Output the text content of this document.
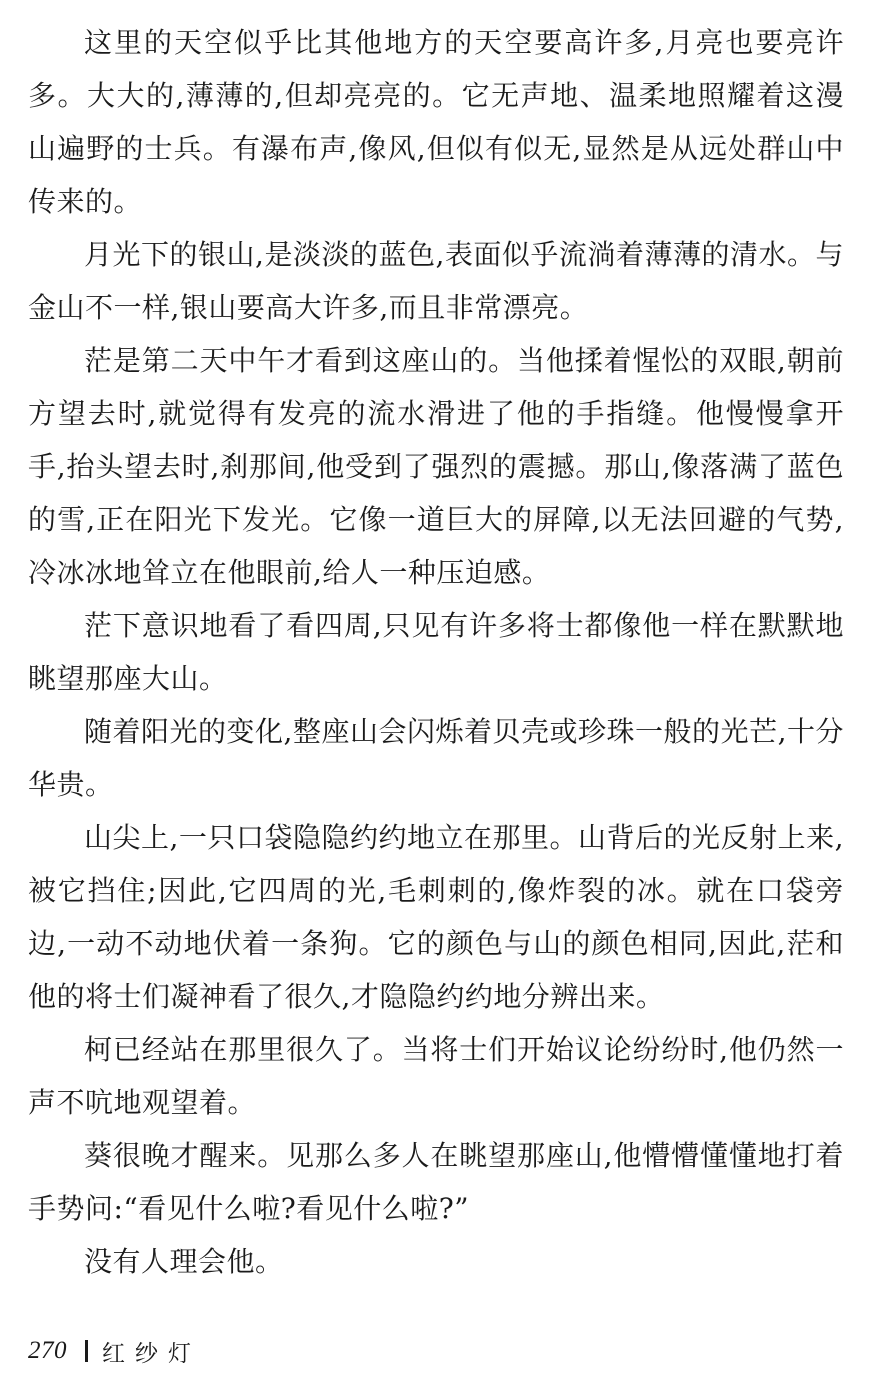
这里的天空似乎比其他地方的天空要高许多,月亮也要亮许多。大大的,薄薄的,但却亮亮的。它无声地、温柔地照耀着这漫山遍野的士兵。有瀑布声,像风,但似有似无,显然是从远处群山中传来的。

月光下的银山,是淡淡的蓝色,表面似乎流淌着薄薄的清水。与金山不一样,银山要高大许多,而且非常漂亮。

茫是第二天中午才看到这座山的。当他揉着惺忪的双眼,朝前方望去时,就觉得有发亮的流水滑进了他的手指缝。他慢慢拿开手,抬头望去时,刹那间,他受到了强烈的震撼。那山,像落满了蓝色的雪,正在阳光下发光。它像一道巨大的屏障,以无法回避的气势,冷冰冰地耸立在他眼前,给人一种压迫感。

茫下意识地看了看四周,只见有许多将士都像他一样在默默地眺望那座大山。

随着阳光的变化,整座山会闪烁着贝壳或珍珠一般的光芒,十分华贵。

山尖上,一只口袋隐隐约约地立在那里。山背后的光反射上来,被它挡住;因此,它四周的光,毛刺刺的,像炸裂的冰。就在口袋旁边,一动不动地伏着一条狗。它的颜色与山的颜色相同,因此,茫和他的将士们凝神看了很久,才隐隐约约地分辨出来。

柯已经站在那里很久了。当将士们开始议论纷纷时,他仍然一声不吭地观望着。

葵很晚才醒来。见那么多人在眺望那座山,他懵懵懂懂地打着手势问:“看见什么啦?看见什么啦?”

没有人理会他。

270 红纱灯
